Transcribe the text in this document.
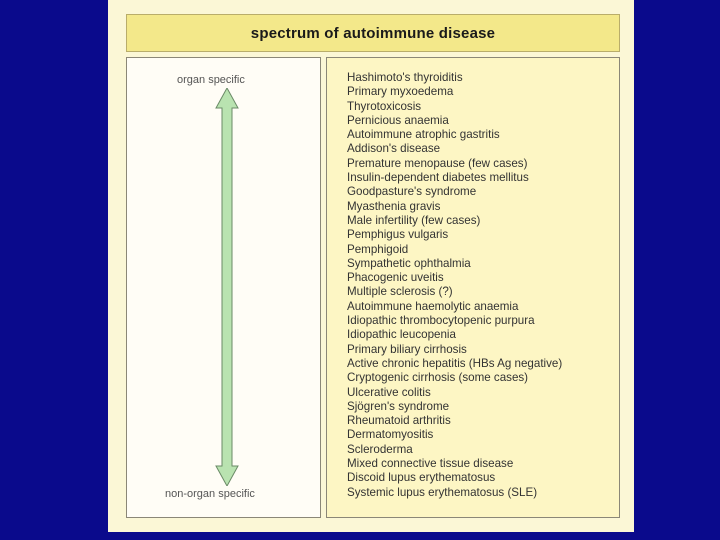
spectrum of autoimmune disease
organ specific
non-organ specific
Hashimoto's thyroiditis
Primary myxoedema
Thyrotoxicosis
Pernicious anaemia
Autoimmune atrophic gastritis
Addison's disease
Premature menopause (few cases)
Insulin-dependent diabetes mellitus
Goodpasture's syndrome
Myasthenia gravis
Male infertility (few cases)
Pemphigus vulgaris
Pemphigoid
Sympathetic ophthalmia
Phacogenic uveitis
Multiple sclerosis (?)
Autoimmune haemolytic anaemia
Idiopathic thrombocytopenic purpura
Idiopathic leucopenia
Primary biliary cirrhosis
Active chronic hepatitis (HBs Ag negative)
Cryptogenic cirrhosis (some cases)
Ulcerative colitis
Sjögren's syndrome
Rheumatoid arthritis
Dermatomyositis
Scleroderma
Mixed connective tissue disease
Discoid lupus erythematosus
Systemic lupus erythematosus (SLE)
